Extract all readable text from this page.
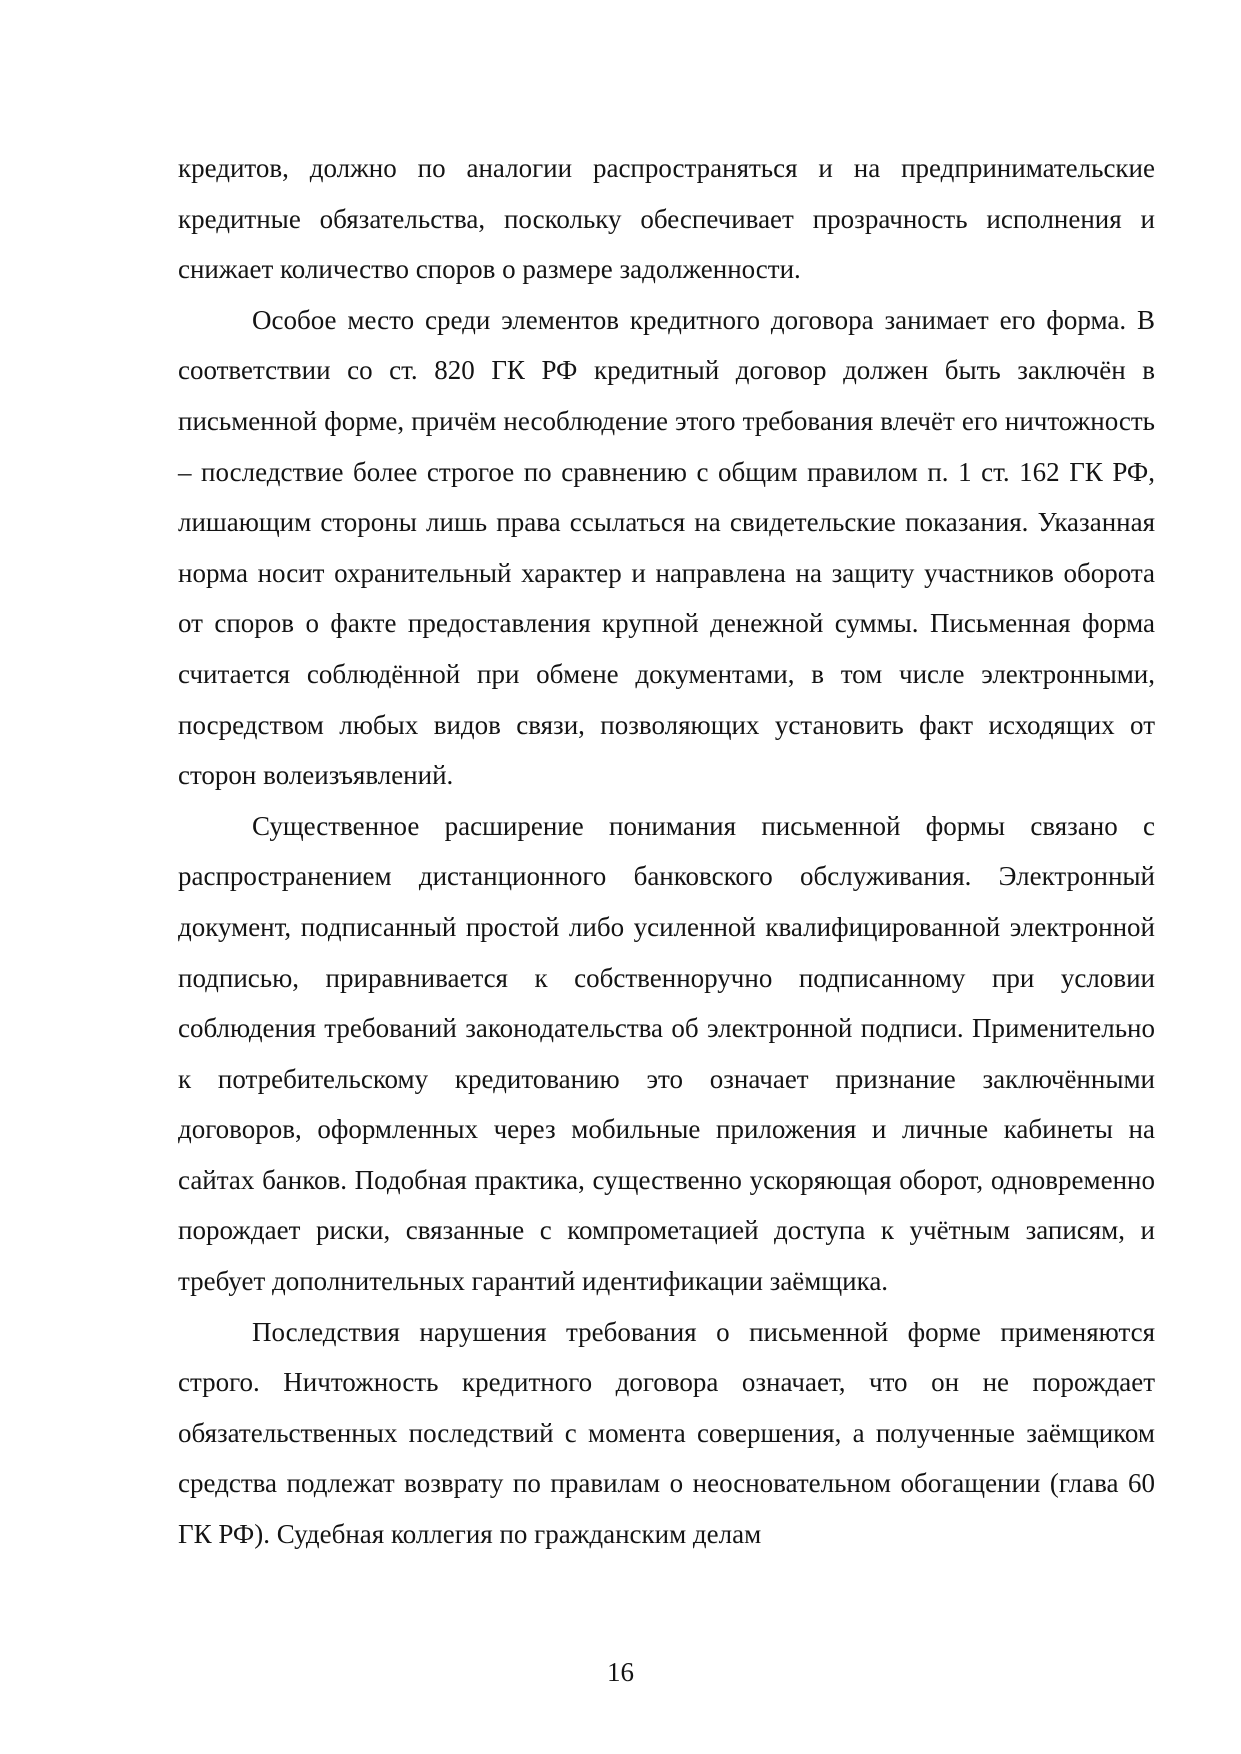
кредитов, должно по аналогии распространяться и на предпринимательские кредитные обязательства, поскольку обеспечивает прозрачность исполнения и снижает количество споров о размере задолженности.

Особое место среди элементов кредитного договора занимает его форма. В соответствии со ст. 820 ГК РФ кредитный договор должен быть заключён в письменной форме, причём несоблюдение этого требования влечёт его ничтожность – последствие более строгое по сравнению с общим правилом п. 1 ст. 162 ГК РФ, лишающим стороны лишь права ссылаться на свидетельские показания. Указанная норма носит охранительный характер и направлена на защиту участников оборота от споров о факте предоставления крупной денежной суммы. Письменная форма считается соблюдённой при обмене документами, в том числе электронными, посредством любых видов связи, позволяющих установить факт исходящих от сторон волеизъявлений.

Существенное расширение понимания письменной формы связано с распространением дистанционного банковского обслуживания. Электронный документ, подписанный простой либо усиленной квалифицированной электронной подписью, приравнивается к собственноручно подписанному при условии соблюдения требований законодательства об электронной подписи. Применительно к потребительскому кредитованию это означает признание заключёнными договоров, оформленных через мобильные приложения и личные кабинеты на сайтах банков. Подобная практика, существенно ускоряющая оборот, одновременно порождает риски, связанные с компрометацией доступа к учётным записям, и требует дополнительных гарантий идентификации заёмщика.

Последствия нарушения требования о письменной форме применяются строго. Ничтожность кредитного договора означает, что он не порождает обязательственных последствий с момента совершения, а полученные заёмщиком средства подлежат возврату по правилам о неосновательном обогащении (глава 60 ГК РФ). Судебная коллегия по гражданским делам

16
